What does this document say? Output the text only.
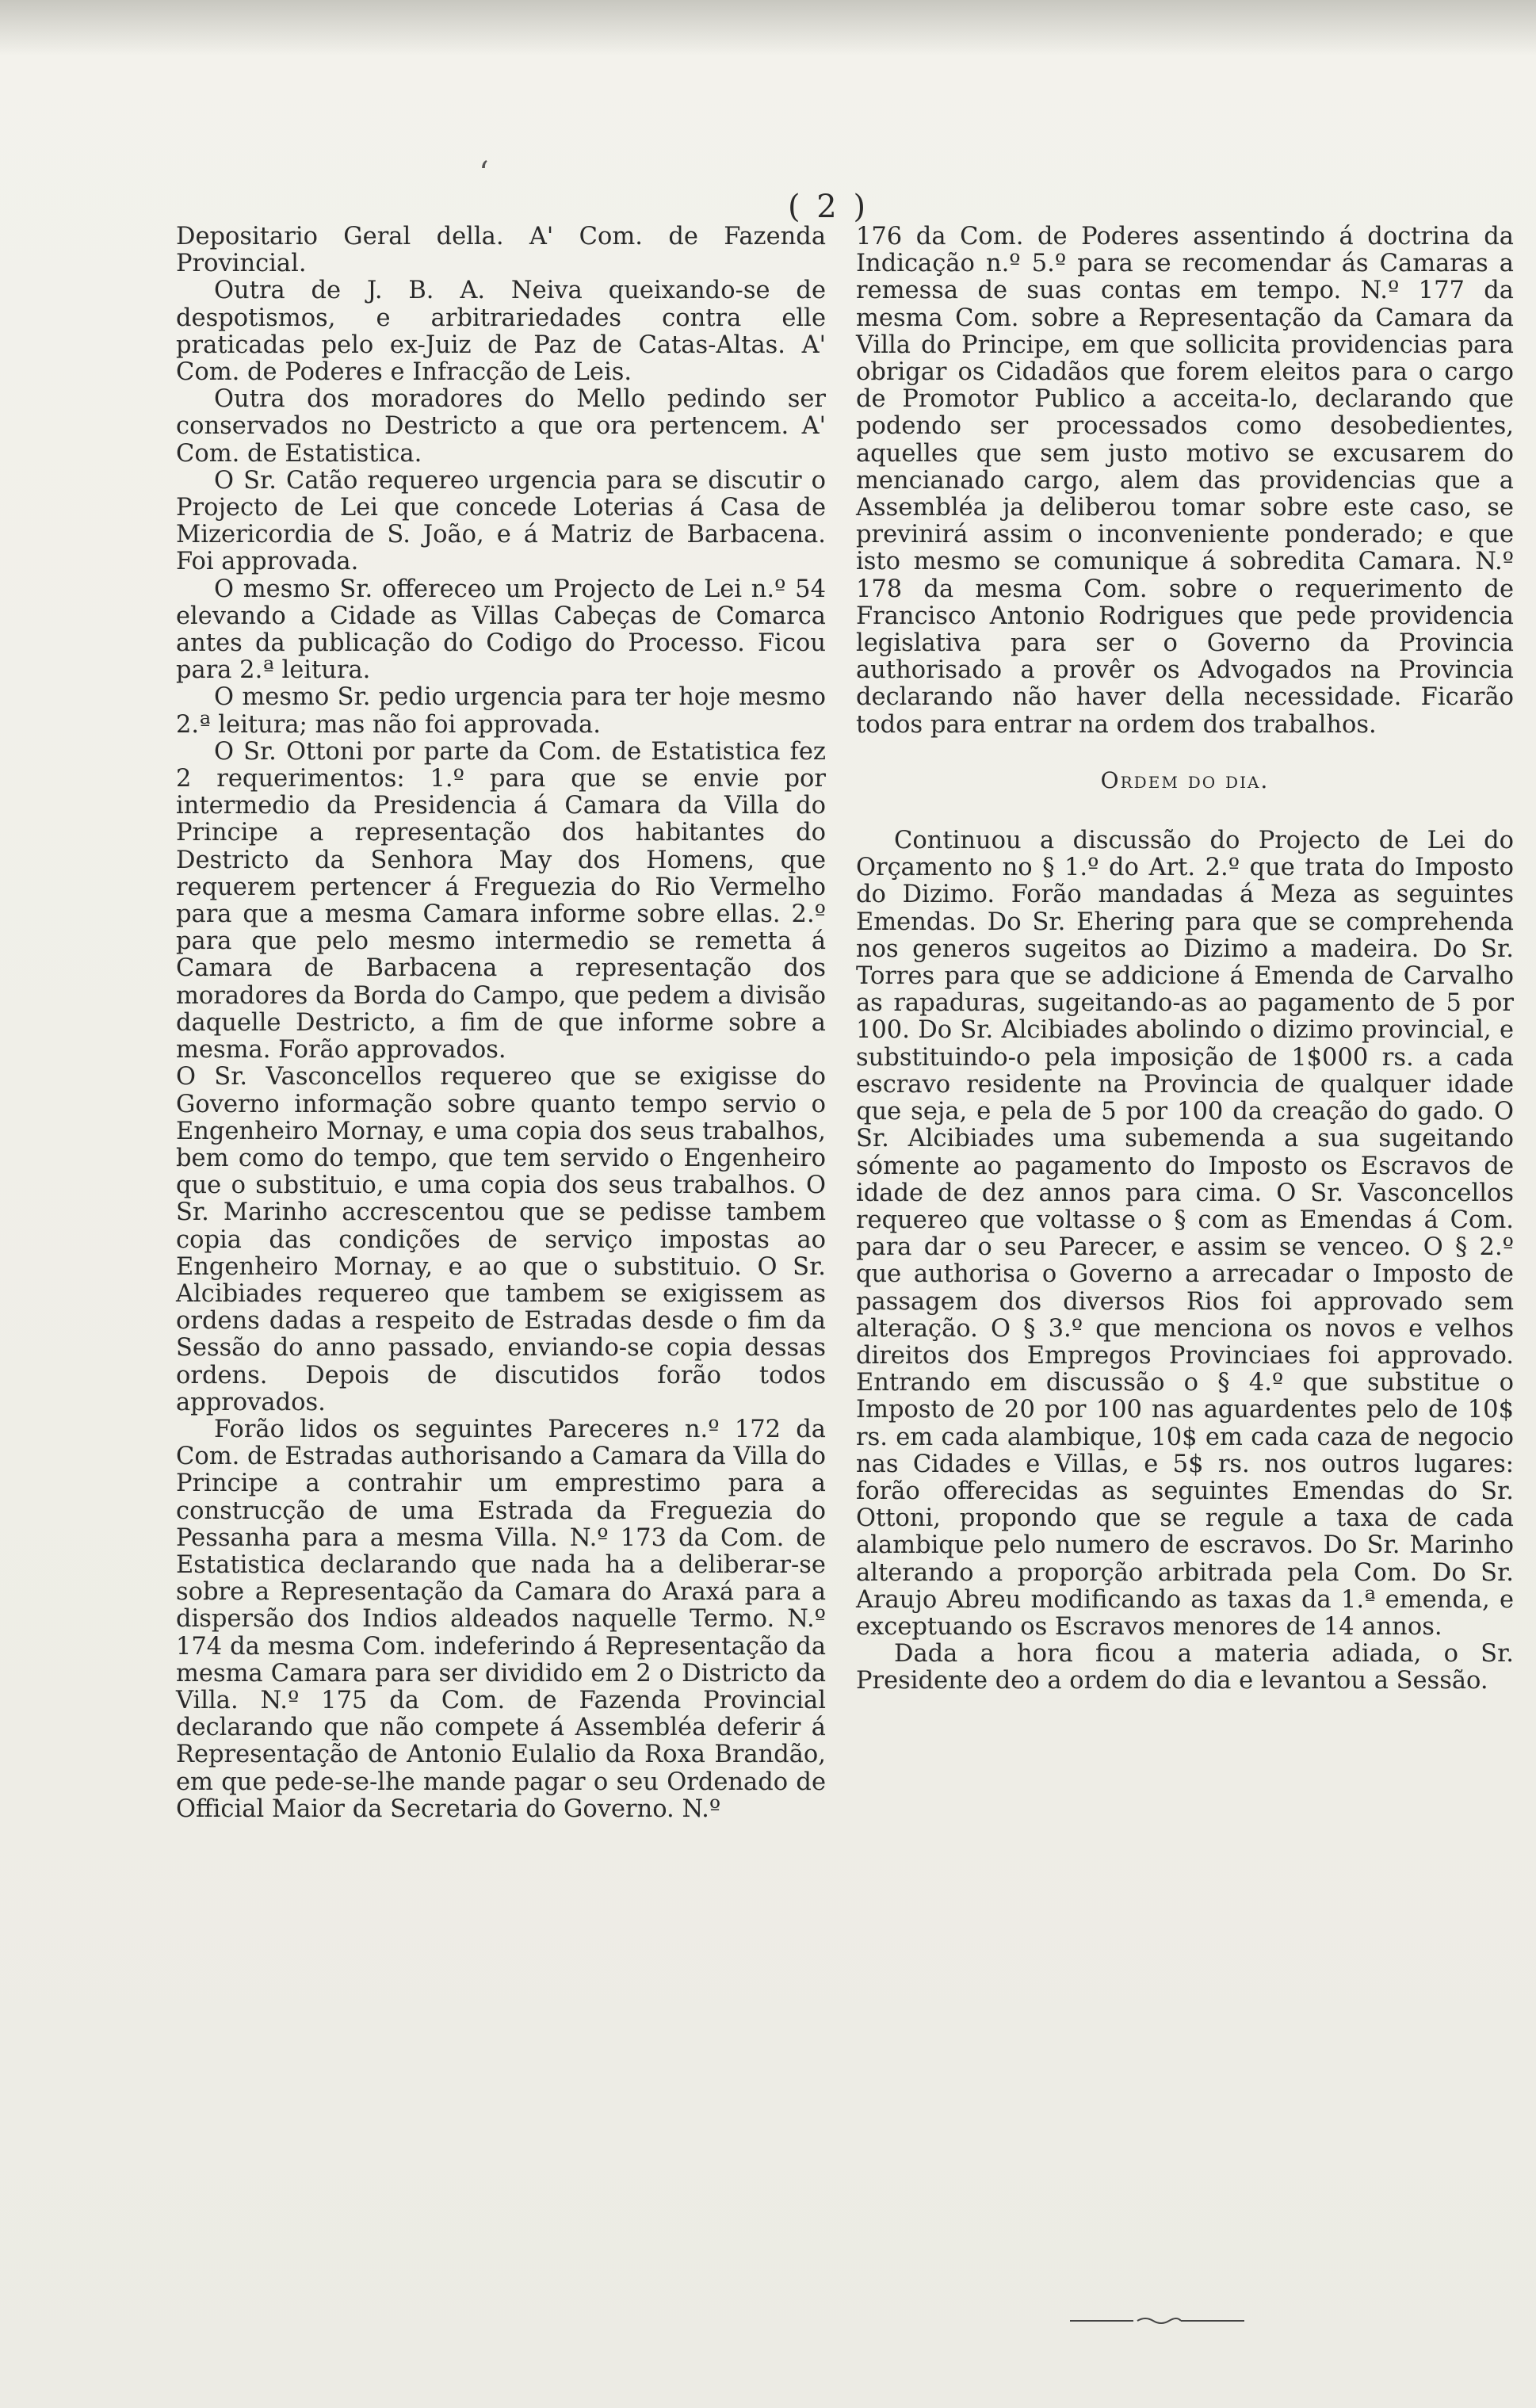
ʻ
( 2 )

Depositario Geral della. A' Com. de Fazenda Provincial.

Outra de J. B. A. Neiva queixando-se de despotismos, e arbitrariedades contra elle praticadas pelo ex-Juiz de Paz de Catas-Altas. A' Com. de Poderes e Infracção de Leis.

Outra dos moradores do Mello pedindo ser conservados no Destricto a que ora pertencem. A' Com. de Estatistica.

O Sr. Catão requereo urgencia para se discutir o Projecto de Lei que concede Loterias á Casa de Mizericordia de S. João, e á Matriz de Barbacena. Foi approvada.

O mesmo Sr. offereceo um Projecto de Lei n.º 54 elevando a Cidade as Villas Cabeças de Comarca antes da publicação do Codigo do Processo. Ficou para 2.ª leitura.

O mesmo Sr. pedio urgencia para ter hoje mesmo 2.ª leitura; mas não foi approvada.

O Sr. Ottoni por parte da Com. de Estatistica fez 2 requerimentos: 1.º para que se envie por intermedio da Presidencia á Camara da Villa do Principe a representação dos habitantes do Destricto da Senhora May dos Homens, que requerem pertencer á Freguezia do Rio Vermelho para que a mesma Camara informe sobre ellas. 2.º para que pelo mesmo intermedio se remetta á Camara de Barbacena a representação dos moradores da Borda do Campo, que pedem a divisão daquelle Destricto, a fim de que informe sobre a mesma. Forão approvados.

O Sr. Vasconcellos requereo que se exigisse do Governo informação sobre quanto tempo servio o Engenheiro Mornay, e uma copia dos seus trabalhos, bem como do tempo, que tem servido o Engenheiro que o substituio, e uma copia dos seus trabalhos. O Sr. Marinho accrescentou que se pedisse tambem copia das condições de serviço impostas ao Engenheiro Mornay, e ao que o substituio. O Sr. Alcibiades requereo que tambem se exigissem as ordens dadas a respeito de Estradas desde o fim da Sessão do anno passado, enviando-se copia dessas ordens. Depois de discutidos forão todos approvados.

Forão lidos os seguintes Pareceres n.º 172 da Com. de Estradas authorisando a Camara da Villa do Principe a contrahir um emprestimo para a construcção de uma Estrada da Freguezia do Pessanha para a mesma Villa. N.º 173 da Com. de Estatistica declarando que nada ha a deliberar-se sobre a Representação da Camara do Araxá para a dispersão dos Indios aldeados naquelle Termo. N.º 174 da mesma Com. indeferindo á Representação da mesma Camara para ser dividido em 2 o Districto da Villa. N.º 175 da Com. de Fazenda Provincial declarando que não compete á Assembléa deferir á Representação de Antonio Eulalio da Roxa Brandão, em que pede-se-lhe mande pagar o seu Ordenado de Official Maior da Secretaria do Governo. N.º

176 da Com. de Poderes assentindo á doctrina da Indicação n.º 5.º para se recomendar ás Camaras a remessa de suas contas em tempo. N.º 177 da mesma Com. sobre a Representação da Camara da Villa do Principe, em que sollicita providencias para obrigar os Cidadãos que forem eleitos para o cargo de Promotor Publico a acceita-lo, declarando que podendo ser processados como desobedientes, aquelles que sem justo motivo se excusarem do mencianado cargo, alem das providencias que a Assembléa ja deliberou tomar sobre este caso, se previnirá assim o inconveniente ponderado; e que isto mesmo se comunique á sobredita Camara. N.º 178 da mesma Com. sobre o requerimento de Francisco Antonio Rodrigues que pede providencia legislativa para ser o Governo da Provincia authorisado a provêr os Advogados na Provincia declarando não haver della necessidade. Ficarão todos para entrar na ordem dos trabalhos.

Ordem do dia.

Continuou a discussão do Projecto de Lei do Orçamento no § 1.º do Art. 2.º que trata do Imposto do Dizimo. Forão mandadas á Meza as seguintes Emendas. Do Sr. Ehering para que se comprehenda nos generos sugeitos ao Dizimo a madeira. Do Sr. Torres para que se addicione á Emenda de Carvalho as rapaduras, sugeitando-as ao pagamento de 5 por 100. Do Sr. Alcibiades abolindo o dizimo provincial, e substituindo-o pela imposição de 1$000 rs. a cada escravo residente na Provincia de qualquer idade que seja, e pela de 5 por 100 da creação do gado. O Sr. Alcibiades uma subemenda a sua sugeitando sómente ao pagamento do Imposto os Escravos de idade de dez annos para cima. O Sr. Vasconcellos requereo que voltasse o § com as Emendas á Com. para dar o seu Parecer, e assim se venceo. O § 2.º que authorisa o Governo a arrecadar o Imposto de passagem dos diversos Rios foi approvado sem alteração. O § 3.º que menciona os novos e velhos direitos dos Empregos Provinciaes foi approvado. Entrando em discussão o § 4.º que substitue o Imposto de 20 por 100 nas aguardentes pelo de 10$ rs. em cada alambique, 10$ em cada caza de negocio nas Cidades e Villas, e 5$ rs. nos outros lugares: forão offerecidas as seguintes Emendas do Sr. Ottoni, propondo que se regule a taxa de cada alambique pelo numero de escravos. Do Sr. Marinho alterando a proporção arbitrada pela Com. Do Sr. Araujo Abreu modificando as taxas da 1.ª emenda, e exceptuando os Escravos menores de 14 annos.

Dada a hora ficou a materia adiada, o Sr. Presidente deo a ordem do dia e levantou a Sessão.
